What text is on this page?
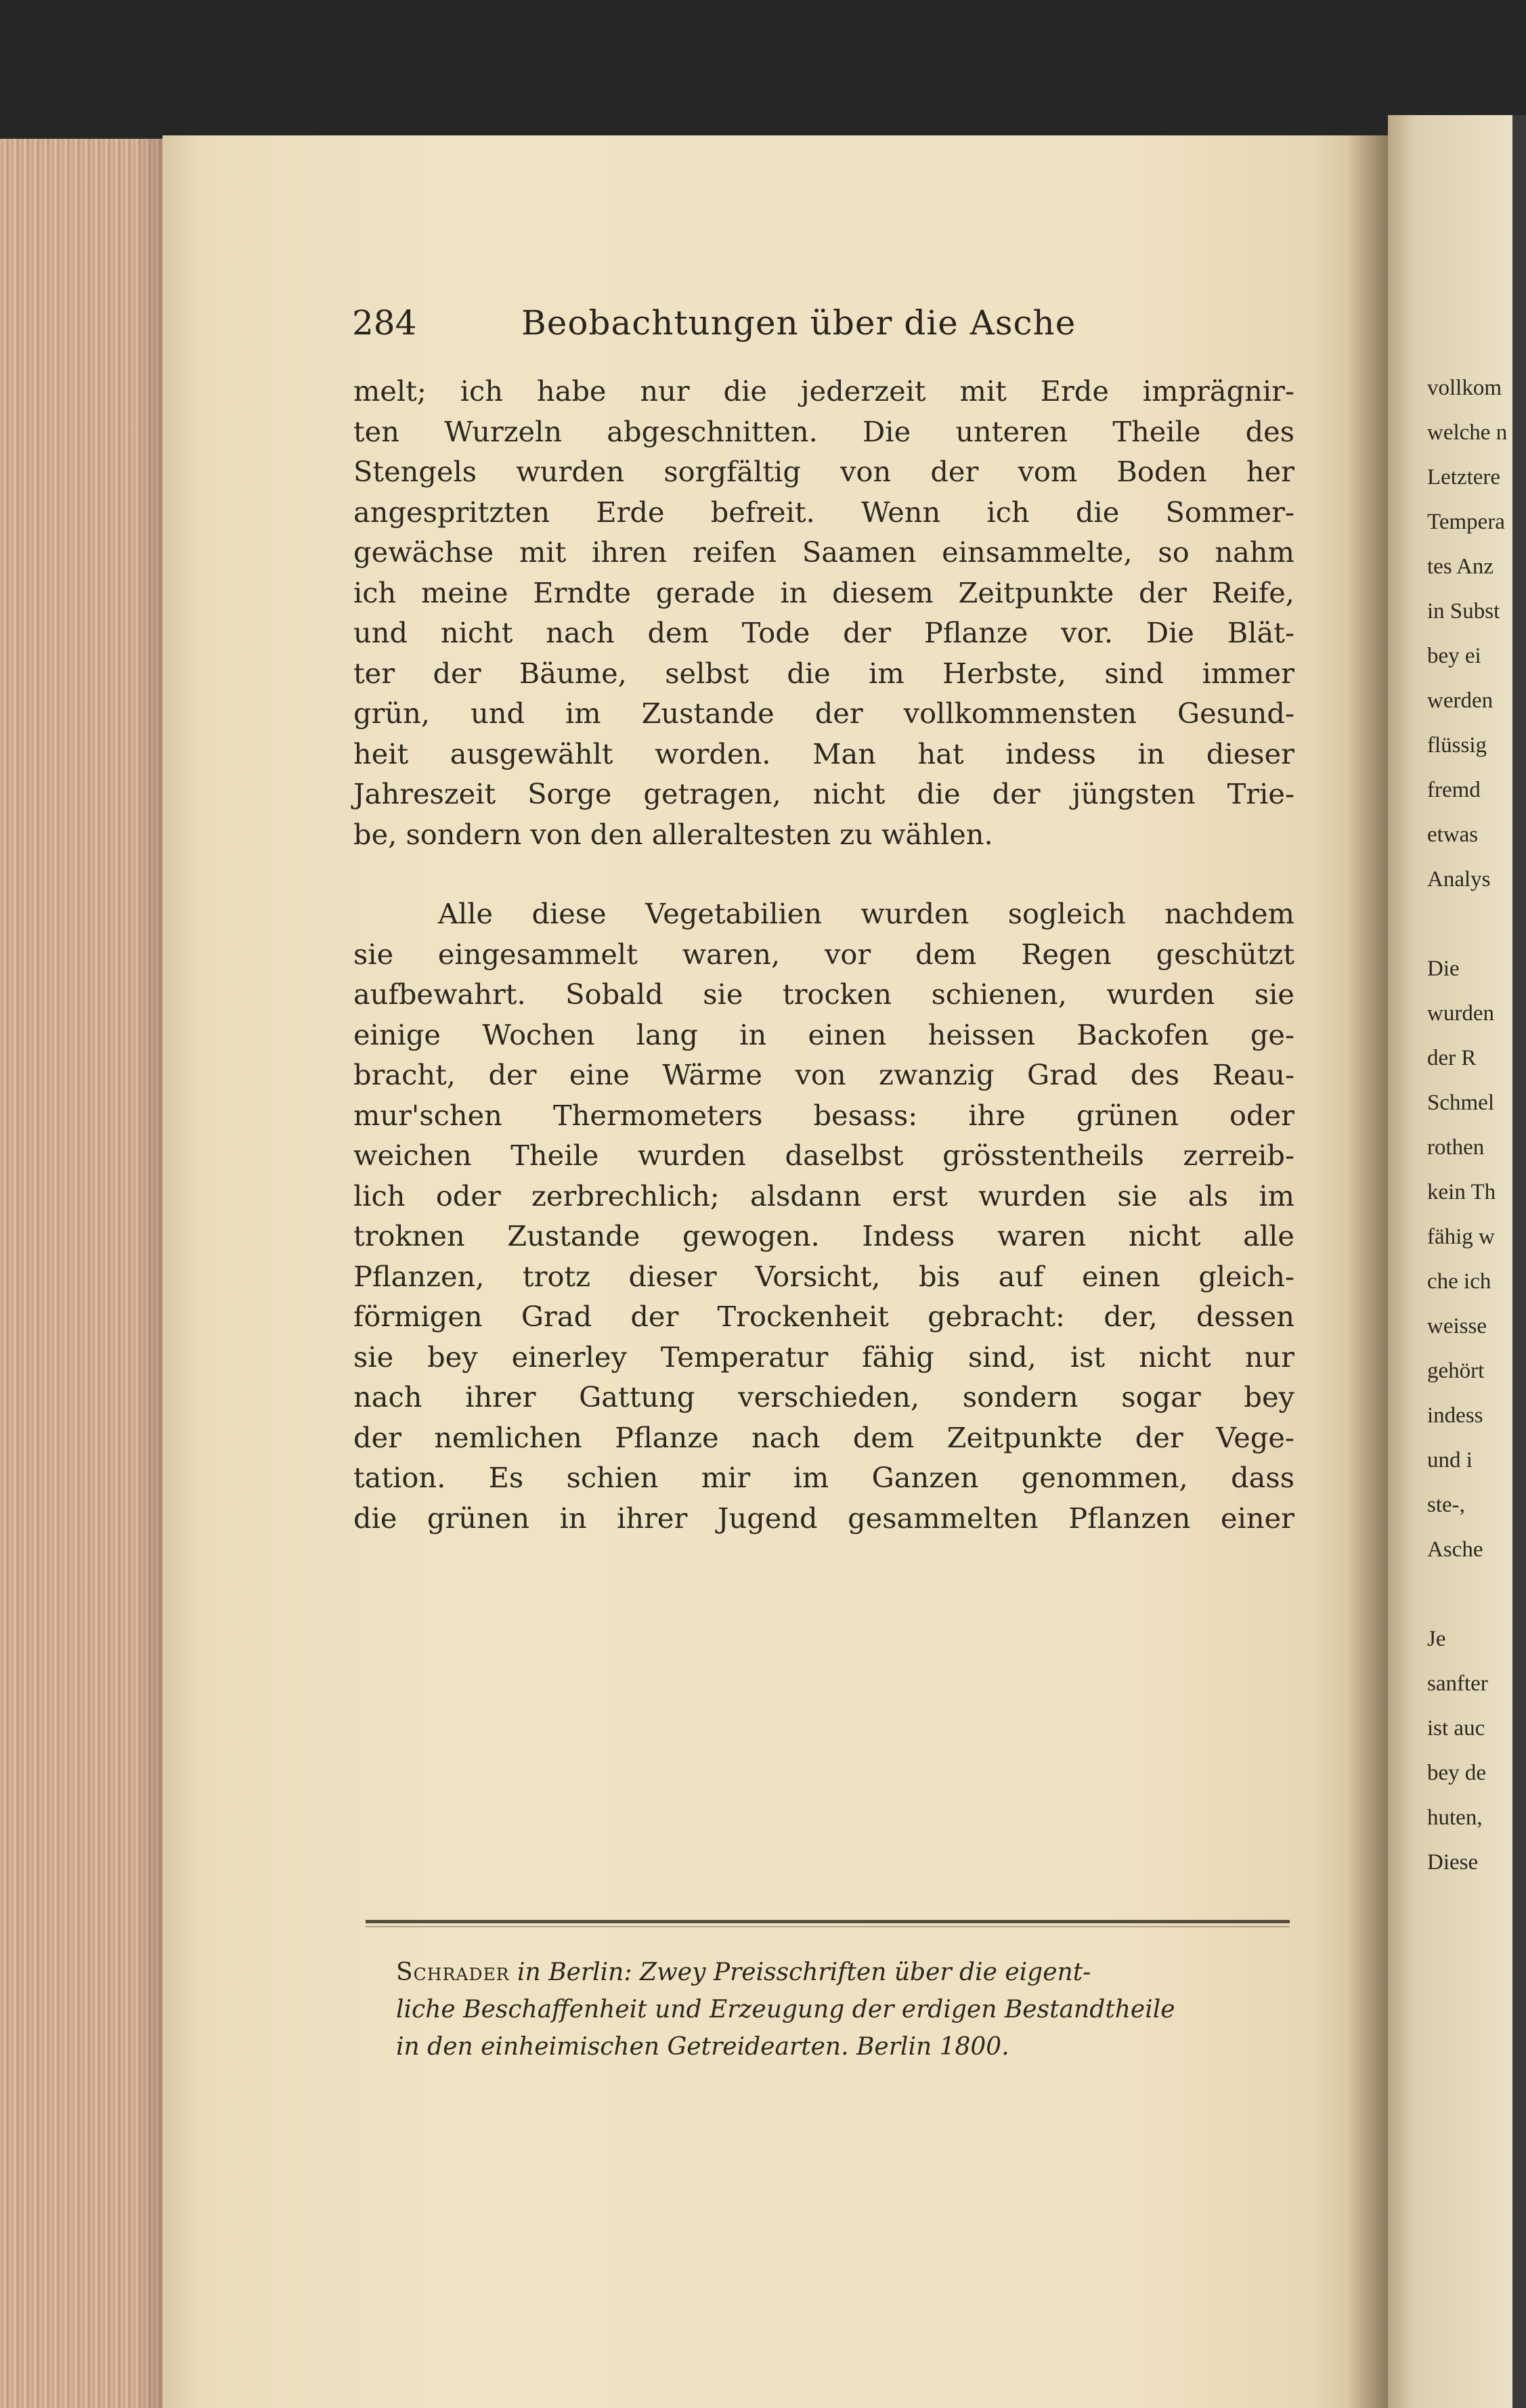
284	Beobachtungen über die Asche
melt; ich habe nur die jederzeit mit Erde imprägnir-
ten Wurzeln abgeschnitten. Die unteren Theile des
Stengels wurden sorgfältig von der vom Boden her
angespritzten Erde befreit. Wenn ich die Sommer-
gewächse mit ihren reifen Saamen einsammelte, so nahm
ich meine Erndte gerade in diesem Zeitpunkte der Reife,
und nicht nach dem Tode der Pflanze vor. Die Blät-
ter der Bäume, selbst die im Herbste, sind immer
grün, und im Zustande der vollkommensten Gesund-
heit ausgewählt worden. Man hat indess in dieser
Jahreszeit Sorge getragen, nicht die der jüngsten Trie-
be, sondern von den alleraltesten zu wählen.
Alle diese Vegetabilien wurden sogleich nachdem
sie eingesammelt waren, vor dem Regen geschützt
aufbewahrt. Sobald sie trocken schienen, wurden sie
einige Wochen lang in einen heissen Backofen ge-
bracht, der eine Wärme von zwanzig Grad des Reau-
mur'schen Thermometers besass: ihre grünen oder
weichen Theile wurden daselbst grösstentheils zerreib-
lich oder zerbrechlich; alsdann erst wurden sie als im
troknen Zustande gewogen. Indess waren nicht alle
Pflanzen, trotz dieser Vorsicht, bis auf einen gleich-
förmigen Grad der Trockenheit gebracht: der, dessen
sie bey einerley Temperatur fähig sind, ist nicht nur
nach ihrer Gattung verschieden, sondern sogar bey
der nemlichen Pflanze nach dem Zeitpunkte der Vege-
tation. Es schien mir im Ganzen genommen, dass
die grünen in ihrer Jugend gesammelten Pflanzen einer
Schrader in Berlin: Zwey Preisschriften über die eigent-
liche Beschaffenheit und Erzeugung der erdigen Bestandtheile
in den einheimischen Getreidearten. Berlin 1800.
vollkom
welche n
Letztere
Tempera
tes Anz
in Subst
bey ei
werden
flüssig
fremd
etwas
Analys
Die
wurden
der R
Schmel
rothen
kein Th
fähig w
che ich
weisse
gehört
indess
und i
ste-,
Asche
Je
sanfter
ist auc
bey de
huten,
Diese
